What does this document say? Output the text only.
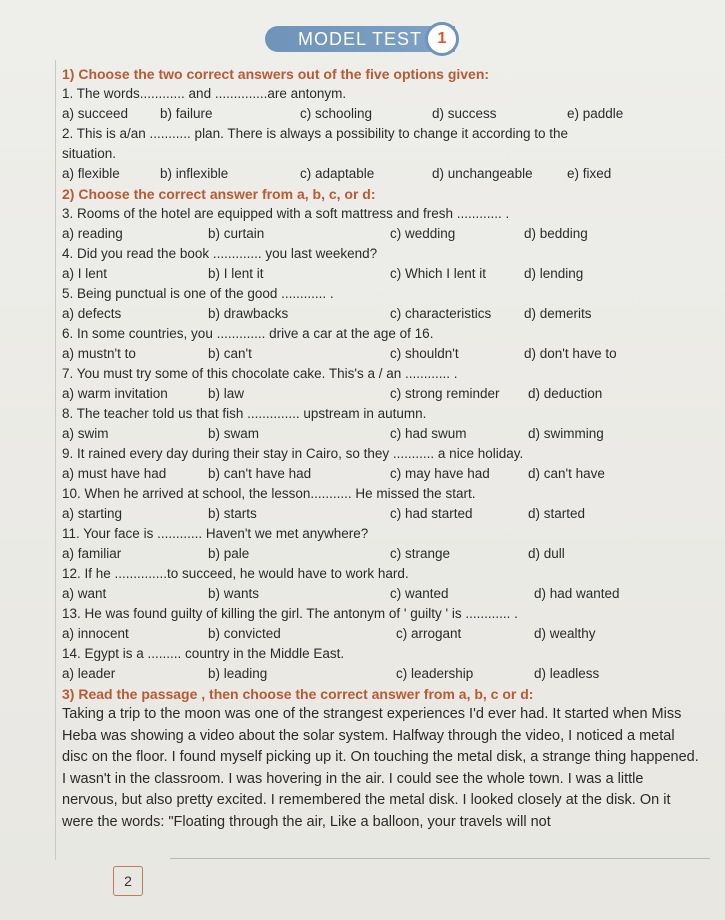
MODEL TEST 1
1) Choose the two correct answers out of the five options given:
1. The words............ and ..............are antonym.
a) succeed b) failure	c) schooling	d) success	e) paddle
2. This is a/an ........... plan. There is always a possibility to change it according to the situation.
a) flexible	b) inflexible	c) adaptable	d) unchangeable	e) fixed
2) Choose the correct answer from a, b, c, or d:
3. Rooms of the hotel are equipped with a soft mattress and fresh ............ .
a) reading	b) curtain	c) wedding	d) bedding
4. Did you read the book ............. you last weekend?
a) I lent	b) I lent it	c) Which I lent it	d) lending
5. Being punctual is one of the good ............ .
a) defects	b) drawbacks	c) characteristics d) demerits
6. In some countries, you ............. drive a car at the age of 16.
a) mustn't to	b) can't	c) shouldn't	d) don't have to
7. You must try some of this chocolate cake. This's a / an ............ .
a) warm invitation	b) law	c) strong reminder d) deduction
8. The teacher told us that fish .............. upstream in autumn.
a) swim	b) swam	c) had swum	d) swimming
9. It rained every day during their stay in Cairo, so they ........... a nice holiday.
a) must have had	b) can't have had	c) may have had	d) can't have
10. When he arrived at school, the lesson........... He missed the start.
a) starting	b) starts	c) had started	d) started
11. Your face is ............ Haven't we met anywhere?
a) familiar	b) pale	c) strange	d) dull
12. If he ..............to succeed, he would have to work hard.
a) want	b) wants	c) wanted	d) had wanted
13. He was found guilty of killing the girl. The antonym of ' guilty ' is ............ .
a) innocent	b) convicted	c) arrogant	d) wealthy
14. Egypt is a ......... country in the Middle East.
a) leader	b) leading	c) leadership	d) leadless
3) Read the passage , then choose the correct answer from a, b, c or d:
Taking a trip to the moon was one of the strangest experiences I'd ever had. It started when Miss Heba was showing a video about the solar system. Halfway through the video, I noticed a metal disc on the floor. I found myself picking up it. On touching the metal disk, a strange thing happened. I wasn't in the classroom. I was hovering in the air. I could see the whole town. I was a little nervous, but also pretty excited. I remembered the metal disk. I looked closely at the disk. On it were the words: "Floating through the air, Like a balloon, your travels will not
2
